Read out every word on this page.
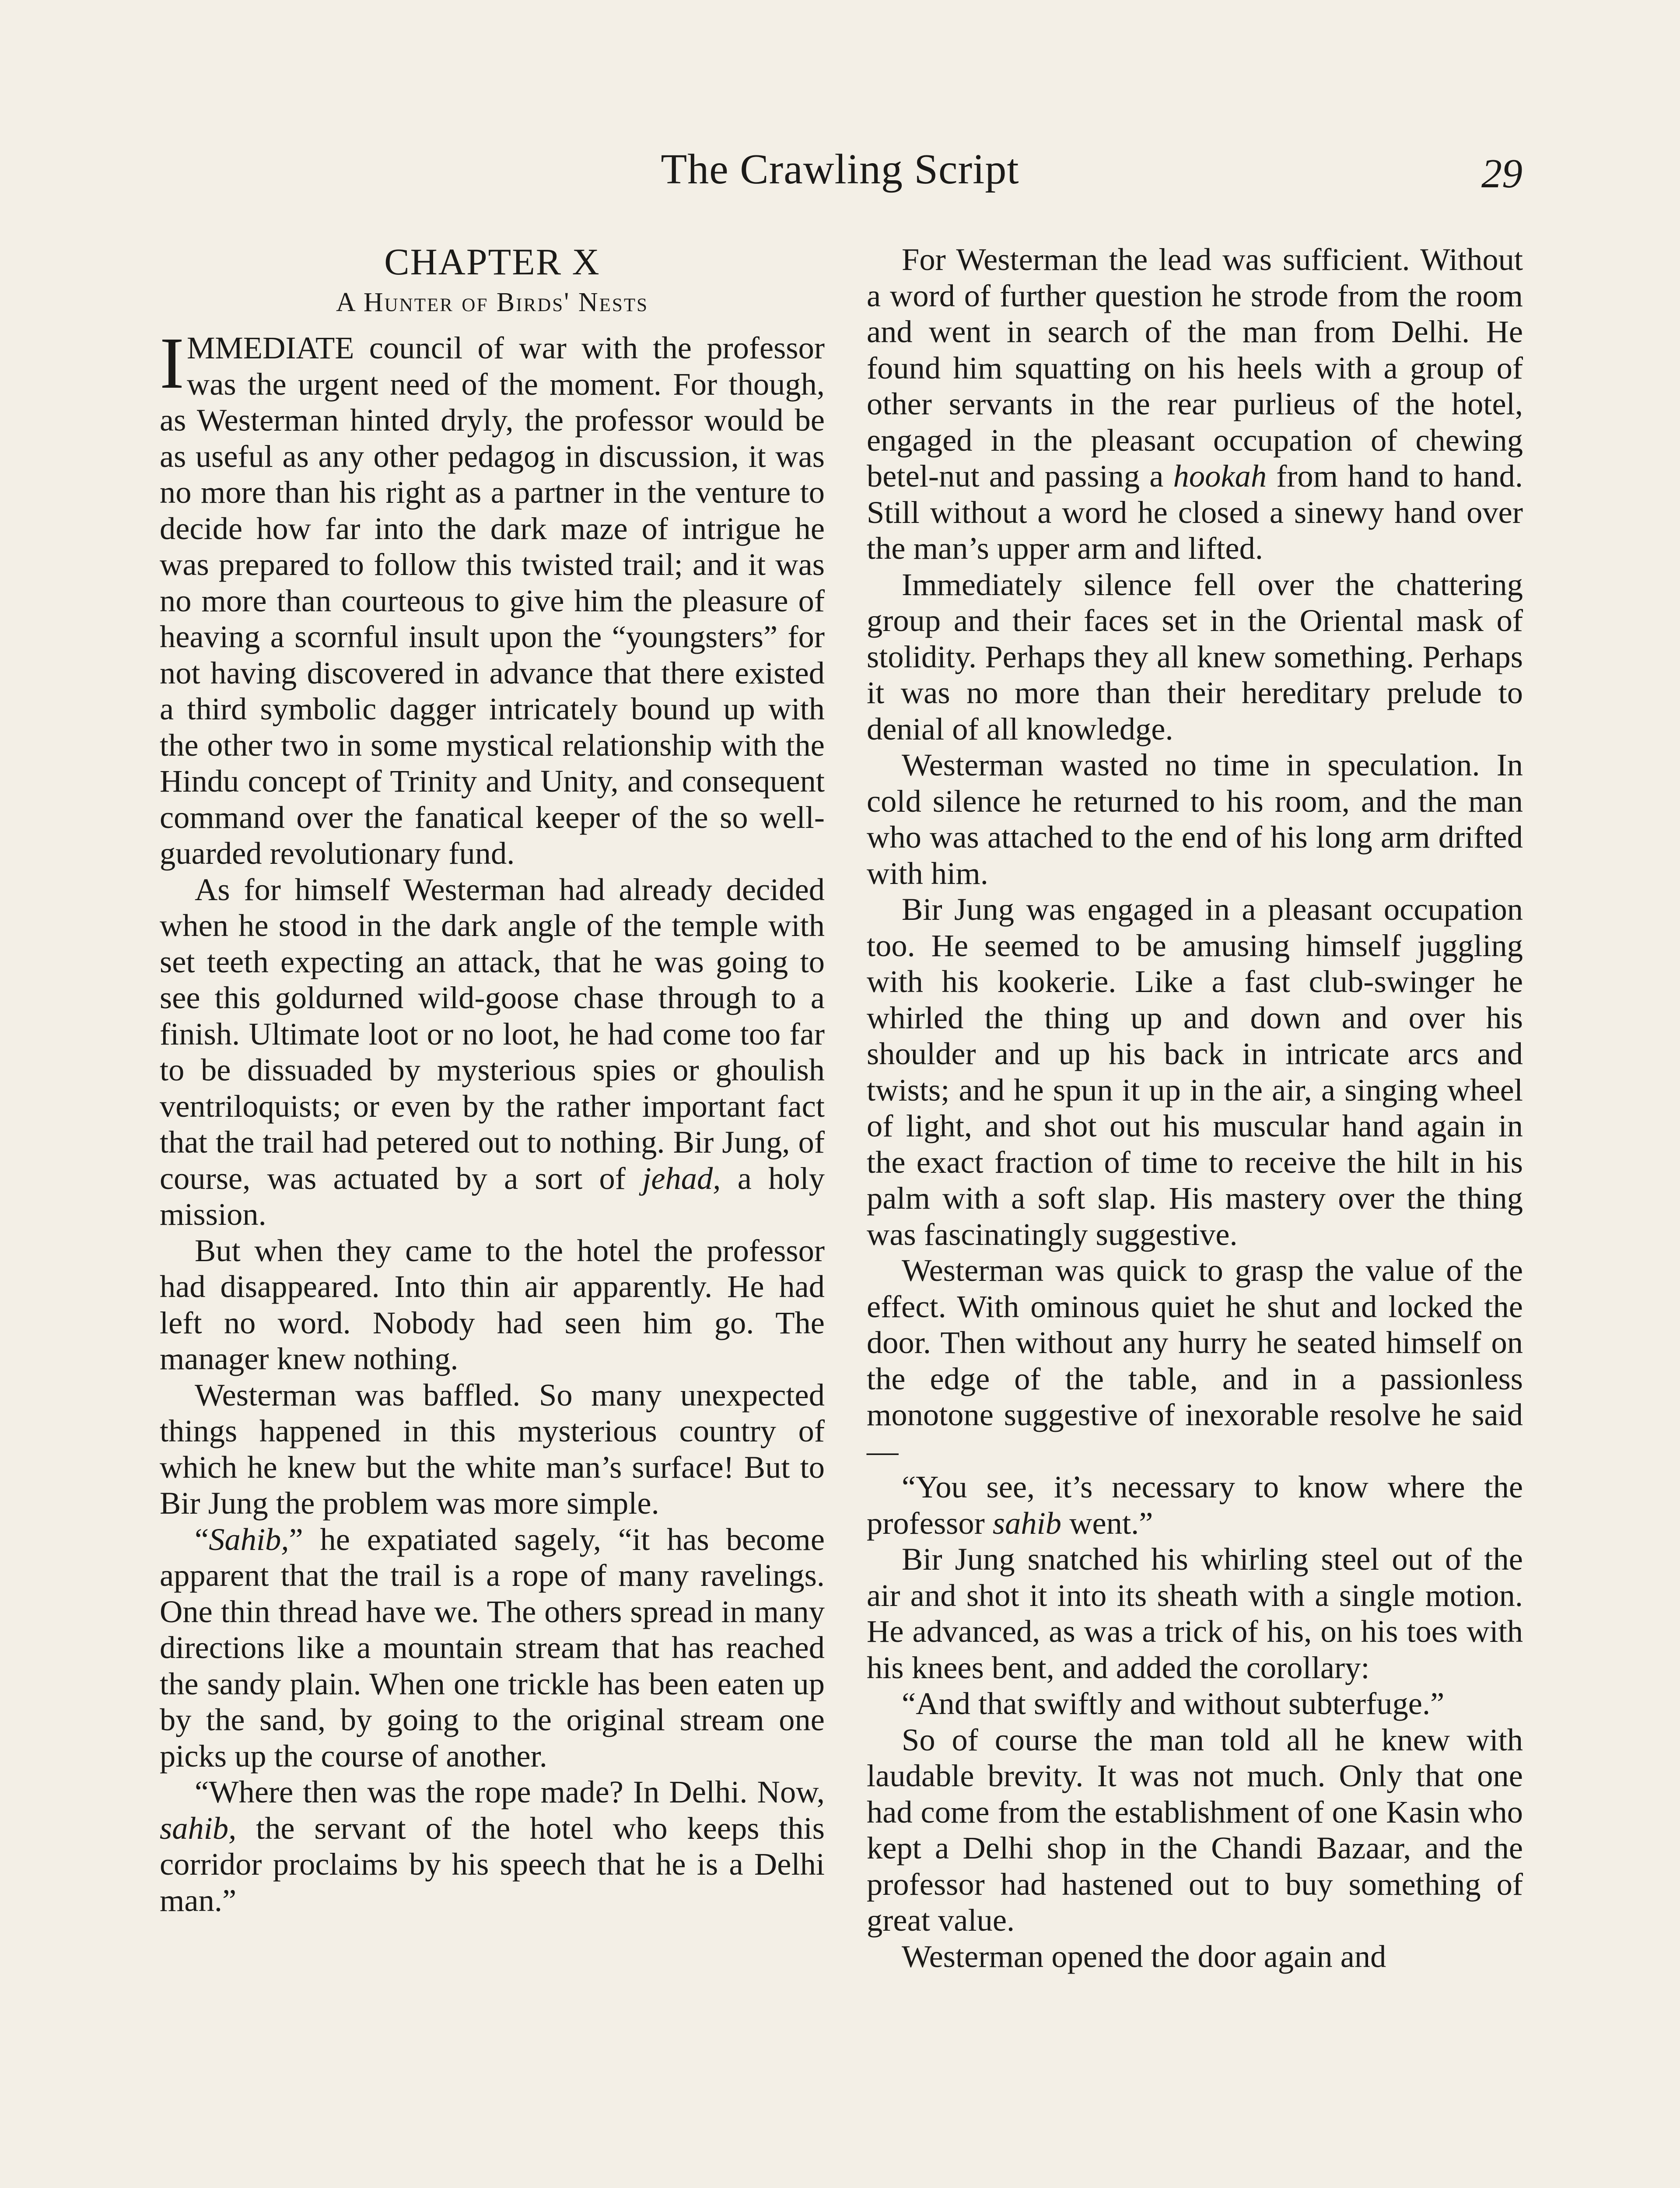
The Crawling Script	29
CHAPTER X
A Hunter of Birds' Nests

IMMEDIATE council of war with the professor was the urgent need of the moment. For though, as Westerman hinted dryly, the professor would be as useful as any other pedagog in discussion, it was no more than his right as a partner in the venture to decide how far into the dark maze of intrigue he was prepared to follow this twisted trail; and it was no more than courteous to give him the pleasure of heaving a scornful insult upon the “youngsters” for not having discovered in advance that there existed a third symbolic dagger intricately bound up with the other two in some mystical relationship with the Hindu concept of Trinity and Unity, and consequent command over the fanatical keeper of the so well-guarded revolutionary fund.

As for himself Westerman had already decided when he stood in the dark angle of the temple with set teeth expecting an attack, that he was going to see this goldurned wild-goose chase through to a finish. Ultimate loot or no loot, he had come too far to be dissuaded by mysterious spies or ghoulish ventriloquists; or even by the rather important fact that the trail had petered out to nothing. Bir Jung, of course, was actuated by a sort of jehad, a holy mission.

But when they came to the hotel the professor had disappeared. Into thin air apparently. He had left no word. Nobody had seen him go. The manager knew nothing.

Westerman was baffled. So many unexpected things happened in this mysterious country of which he knew but the white man’s surface! But to Bir Jung the problem was more simple.

“Sahib,” he expatiated sagely, “it has become apparent that the trail is a rope of many ravelings. One thin thread have we. The others spread in many directions like a mountain stream that has reached the sandy plain. When one trickle has been eaten up by the sand, by going to the original stream one picks up the course of another.

“Where then was the rope made? In Delhi. Now, sahib, the servant of the hotel who keeps this corridor proclaims by his speech that he is a Delhi man.”

For Westerman the lead was sufficient. Without a word of further question he strode from the room and went in search of the man from Delhi. He found him squatting on his heels with a group of other servants in the rear purlieus of the hotel, engaged in the pleasant occupation of chewing betel-nut and passing a hookah from hand to hand. Still without a word he closed a sinewy hand over the man’s upper arm and lifted.

Immediately silence fell over the chattering group and their faces set in the Oriental mask of stolidity. Perhaps they all knew something. Perhaps it was no more than their hereditary prelude to denial of all knowledge.

Westerman wasted no time in speculation. In cold silence he returned to his room, and the man who was attached to the end of his long arm drifted with him.

Bir Jung was engaged in a pleasant occupation too. He seemed to be amusing himself juggling with his kookerie. Like a fast club-swinger he whirled the thing up and down and over his shoulder and up his back in intricate arcs and twists; and he spun it up in the air, a singing wheel of light, and shot out his muscular hand again in the exact fraction of time to receive the hilt in his palm with a soft slap. His mastery over the thing was fascinatingly suggestive.

Westerman was quick to grasp the value of the effect. With ominous quiet he shut and locked the door. Then without any hurry he seated himself on the edge of the table, and in a passionless monotone suggestive of inexorable resolve he said—

“You see, it’s necessary to know where the professor sahib went.”

Bir Jung snatched his whirling steel out of the air and shot it into its sheath with a single motion. He advanced, as was a trick of his, on his toes with his knees bent, and added the corollary:

“And that swiftly and without subterfuge.”

So of course the man told all he knew with laudable brevity. It was not much. Only that one had come from the establishment of one Kasin who kept a Delhi shop in the Chandi Bazaar, and the professor had hastened out to buy something of great value.

Westerman opened the door again and
